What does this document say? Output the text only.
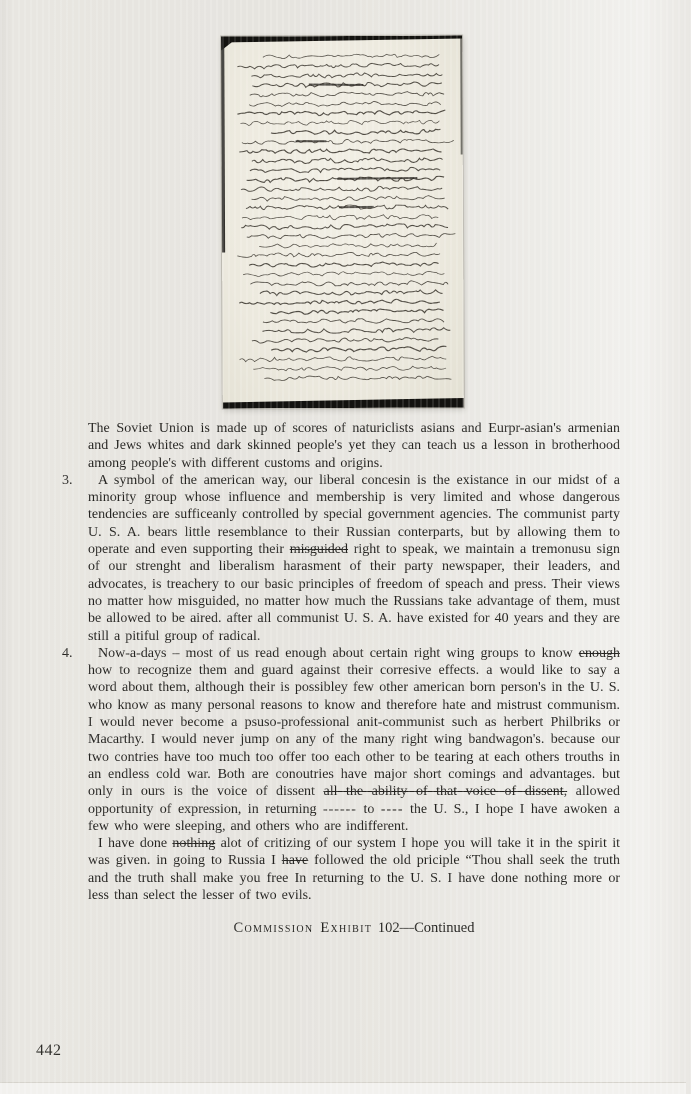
The Soviet Union is made up of scores of naturiclists asians and Eurpr-asian's armenian and Jews whites and dark skinned people's yet they can teach us a lesson in brotherhood among people's with different customs and origins.
3. A symbol of the american way, our liberal concesin is the existance in our midst of a minority group whose influence and membership is very limited and whose dangerous tendencies are sufficeanly controlled by special government agencies. The communist party U. S. A. bears little resemblance to their Russian conterparts, but by allowing them to operate and even supporting their misguided right to speak, we maintain a tremonusu sign of our strenght and liberalism harasment of their party newspaper, their leaders, and advocates, is treachery to our basic principles of freedom of speach and press. Their views no matter how misguided, no matter how much the Russians take advantage of them, must be allowed to be aired. after all communist U. S. A. have existed for 40 years and they are still a pitiful group of radical.
4. Now-a-days – most of us read enough about certain right wing groups to know enough how to recognize them and guard against their corresive effects. a would like to say a word about them, although their is possibley few other american born person's in the U. S. who know as many personal reasons to know and therefore hate and mistrust communism. I would never become a psuso-professional anit-communist such as herbert Philbriks or Macarthy. I would never jump on any of the many right wing bandwagon's. because our two contries have too much too offer too each other to be tearing at each others trouths in an endless cold war. Both are conoutries have major short comings and advantages. but only in ours is the voice of dissent all the ability of that voice of dissent, allowed opportunity of expression, in returning ------ to ---- the U. S., I hope I have awoken a few who were sleeping, and others who are indifferent.
I have done nothing alot of critizing of our system I hope you will take it in the spirit it was given. in going to Russia I have followed the old priciple “Thou shall seek the truth and the truth shall make you free In returning to the U. S. I have done nothing more or less than select the lesser of two evils.
Commission Exhibit 102—Continued
442
